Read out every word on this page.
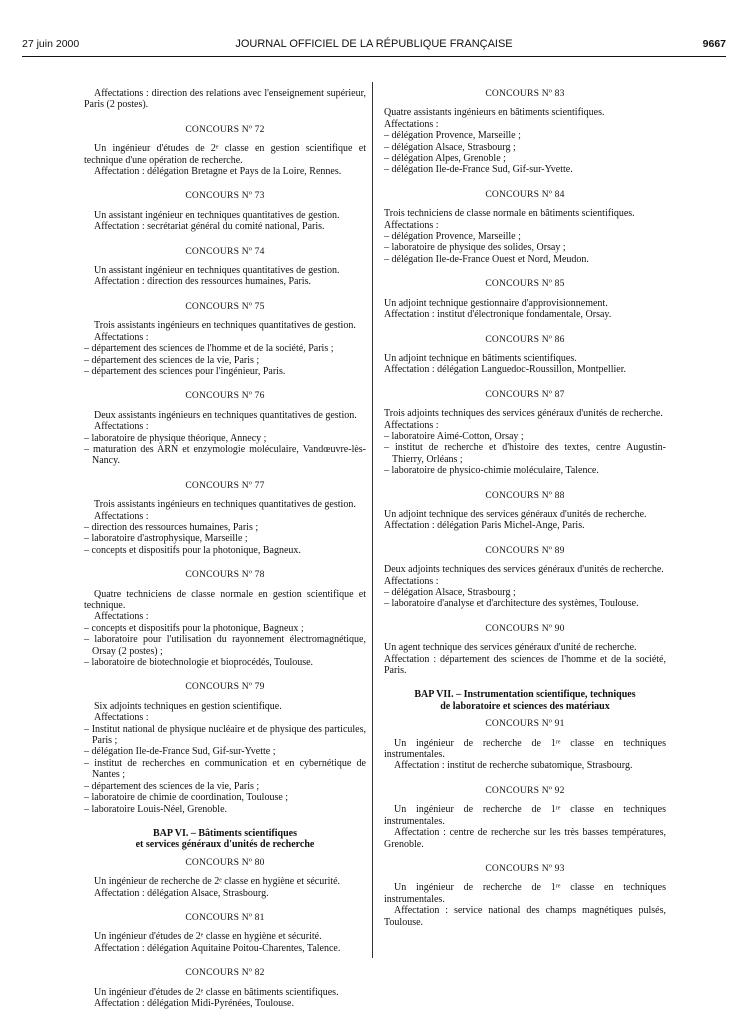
27 juin 2000	JOURNAL OFFICIEL DE LA RÉPUBLIQUE FRANÇAISE	9667

Affectations : direction des relations avec l'enseignement supérieur, Paris (2 postes).

CONCOURS Nº 72

Un ingénieur d'études de 2ᵉ classe en gestion scientifique et technique d'une opération de recherche.

Affectation : délégation Bretagne et Pays de la Loire, Rennes.

CONCOURS Nº 73

Un assistant ingénieur en techniques quantitatives de gestion.

Affectation : secrétariat général du comité national, Paris.

CONCOURS Nº 74

Un assistant ingénieur en techniques quantitatives de gestion.

Affectation : direction des ressources humaines, Paris.

CONCOURS Nº 75

Trois assistants ingénieurs en techniques quantitatives de gestion.

Affectations :

– département des sciences de l'homme et de la société, Paris ;
– département des sciences de la vie, Paris ;
– département des sciences pour l'ingénieur, Paris.
CONCOURS Nº 76

Deux assistants ingénieurs en techniques quantitatives de gestion.

Affectations :

– laboratoire de physique théorique, Annecy ;
– maturation des ARN et enzymologie moléculaire, Vandœuvre-lès-Nancy.
CONCOURS Nº 77

Trois assistants ingénieurs en techniques quantitatives de gestion.

Affectations :

– direction des ressources humaines, Paris ;
– laboratoire d'astrophysique, Marseille ;
– concepts et dispositifs pour la photonique, Bagneux.
CONCOURS Nº 78

Quatre techniciens de classe normale en gestion scientifique et technique.

Affectations :

– concepts et dispositifs pour la photonique, Bagneux ;
– laboratoire pour l'utilisation du rayonnement électromagnétique, Orsay (2 postes) ;
– laboratoire de biotechnologie et bioprocédés, Toulouse.
CONCOURS Nº 79

Six adjoints techniques en gestion scientifique.

Affectations :

– Institut national de physique nucléaire et de physique des particules, Paris ;
– délégation Ile-de-France Sud, Gif-sur-Yvette ;
– institut de recherches en communication et en cybernétique de Nantes ;
– département des sciences de la vie, Paris ;
– laboratoire de chimie de coordination, Toulouse ;
– laboratoire Louis-Néel, Grenoble.
BAP VI. – Bâtiments scientifiques
et services généraux d'unités de recherche
CONCOURS Nº 80

Un ingénieur de recherche de 2ᵉ classe en hygiène et sécurité.

Affectation : délégation Alsace, Strasbourg.

CONCOURS Nº 81

Un ingénieur d'études de 2ᵉ classe en hygiène et sécurité.

Affectation : délégation Aquitaine Poitou-Charentes, Talence.

CONCOURS Nº 82

Un ingénieur d'études de 2ᵉ classe en bâtiments scientifiques.

Affectation : délégation Midi-Pyrénées, Toulouse.

CONCOURS Nº 83

Quatre assistants ingénieurs en bâtiments scientifiques.

Affectations :

– délégation Provence, Marseille ;
– délégation Alsace, Strasbourg ;
– délégation Alpes, Grenoble ;
– délégation Ile-de-France Sud, Gif-sur-Yvette.
CONCOURS Nº 84

Trois techniciens de classe normale en bâtiments scientifiques.

Affectations :

– délégation Provence, Marseille ;
– laboratoire de physique des solides, Orsay ;
– délégation Ile-de-France Ouest et Nord, Meudon.
CONCOURS Nº 85

Un adjoint technique gestionnaire d'approvisionnement.

Affectation : institut d'électronique fondamentale, Orsay.

CONCOURS Nº 86

Un adjoint technique en bâtiments scientifiques.

Affectation : délégation Languedoc-Roussillon, Montpellier.

CONCOURS Nº 87

Trois adjoints techniques des services généraux d'unités de recherche.

Affectations :

– laboratoire Aimé-Cotton, Orsay ;
– institut de recherche et d'histoire des textes, centre Augustin-Thierry, Orléans ;
– laboratoire de physico-chimie moléculaire, Talence.
CONCOURS Nº 88

Un adjoint technique des services généraux d'unités de recherche.

Affectation : délégation Paris Michel-Ange, Paris.

CONCOURS Nº 89

Deux adjoints techniques des services généraux d'unités de recherche.

Affectations :

– délégation Alsace, Strasbourg ;
– laboratoire d'analyse et d'architecture des systèmes, Toulouse.
CONCOURS Nº 90

Un agent technique des services généraux d'unité de recherche.

Affectation : département des sciences de l'homme et de la société, Paris.

BAP VII. – Instrumentation scientifique, techniques
de laboratoire et sciences des matériaux
CONCOURS Nº 91

Un ingénieur de recherche de 1ʳᵉ classe en techniques instrumentales.

Affectation : institut de recherche subatomique, Strasbourg.

CONCOURS Nº 92

Un ingénieur de recherche de 1ʳᵉ classe en techniques instrumentales.

Affectation : centre de recherche sur les très basses températures, Grenoble.

CONCOURS Nº 93

Un ingénieur de recherche de 1ʳᵉ classe en techniques instrumentales.

Affectation : service national des champs magnétiques pulsés, Toulouse.
